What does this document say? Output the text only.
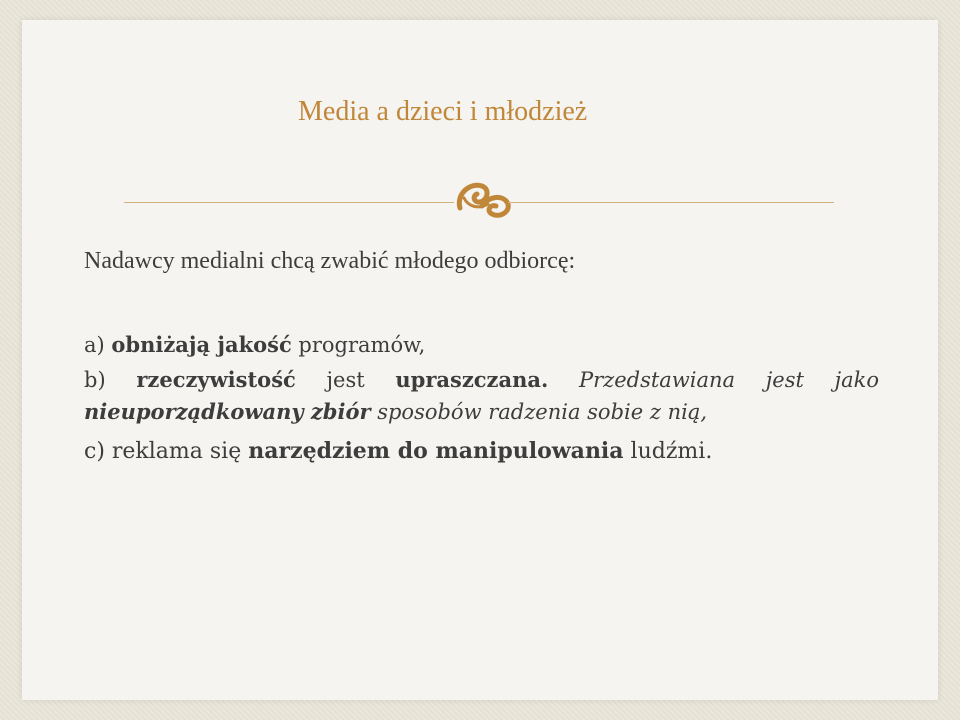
Media a dzieci i młodzież

Nadawcy medialni chcą zwabić młodego odbiorcę:

a) obniżają jakość programów,

b) rzeczywistość jest upraszczana. Przedstawiana jest jako nieuporządkowany zbiór sposobów radzenia sobie z nią,

c) reklama się narzędziem do manipulowania ludźmi.
